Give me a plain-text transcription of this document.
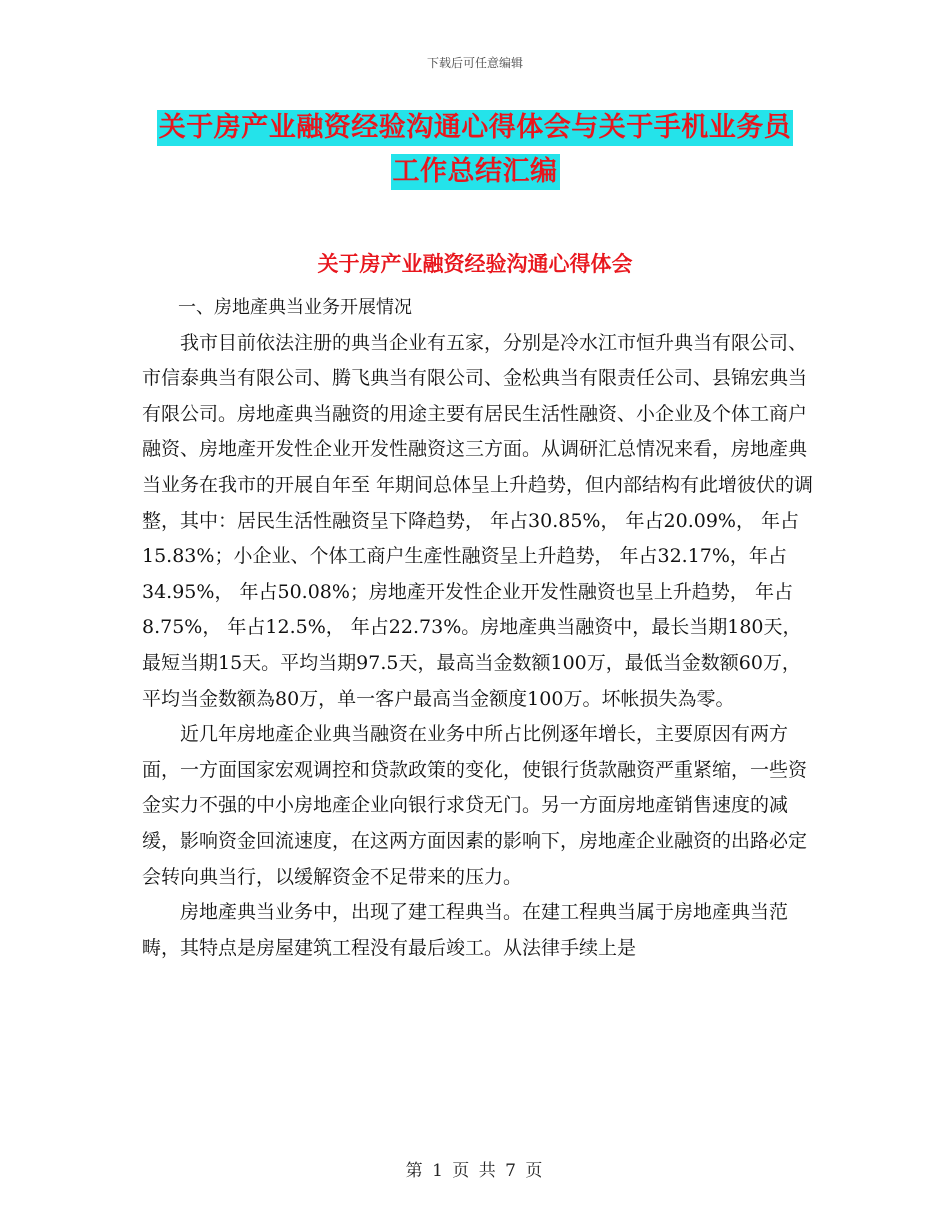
下载后可任意编辑
关于房产业融资经验沟通心得体会与关于手机业务员
工作总结汇编
关于房产业融资经验沟通心得体会

一、房地產典当业务开展情况

我市目前依法注册的典当企业有五家，分别是冷水江市恒升典当有限公司、市信泰典当有限公司、腾飞典当有限公司、金松典当有限责任公司、县锦宏典当有限公司。房地產典当融资的用途主要有居民生活性融资、小企业及个体工商户融资、房地產开发性企业开发性融资这三方面。从调研汇总情况来看，房地產典当业务在我市的开展自年至 年期间总体呈上升趋势，但内部结构有此增彼伏的调整，其中：居民生活性融资呈下降趋势， 年占30.85%， 年占20.09%， 年占15.83%；小企业、个体工商户生產性融资呈上升趋势， 年占32.17%，年占34.95%， 年占50.08%；房地產开发性企业开发性融资也呈上升趋势， 年占8.75%， 年占12.5%， 年占22.73%。房地產典当融资中，最长当期180天，最短当期15天。平均当期97.5天，最高当金数额100万，最低当金数额60万，平均当金数额為80万，单一客户最高当金额度100万。坏帐损失為零。

近几年房地產企业典当融资在业务中所占比例逐年增长，主要原因有两方面，一方面国家宏观调控和贷款政策的变化，使银行货款融资严重紧缩，一些资金实力不强的中小房地產企业向银行求贷无门。另一方面房地產销售速度的减缓，影响资金回流速度，在这两方面因素的影响下，房地產企业融资的出路必定会转向典当行，以缓解资金不足带来的压力。

房地產典当业务中，出现了建工程典当。在建工程典当属于房地產典当范畴，其特点是房屋建筑工程没有最后竣工。从法律手续上是

第 1 页 共 7 页
